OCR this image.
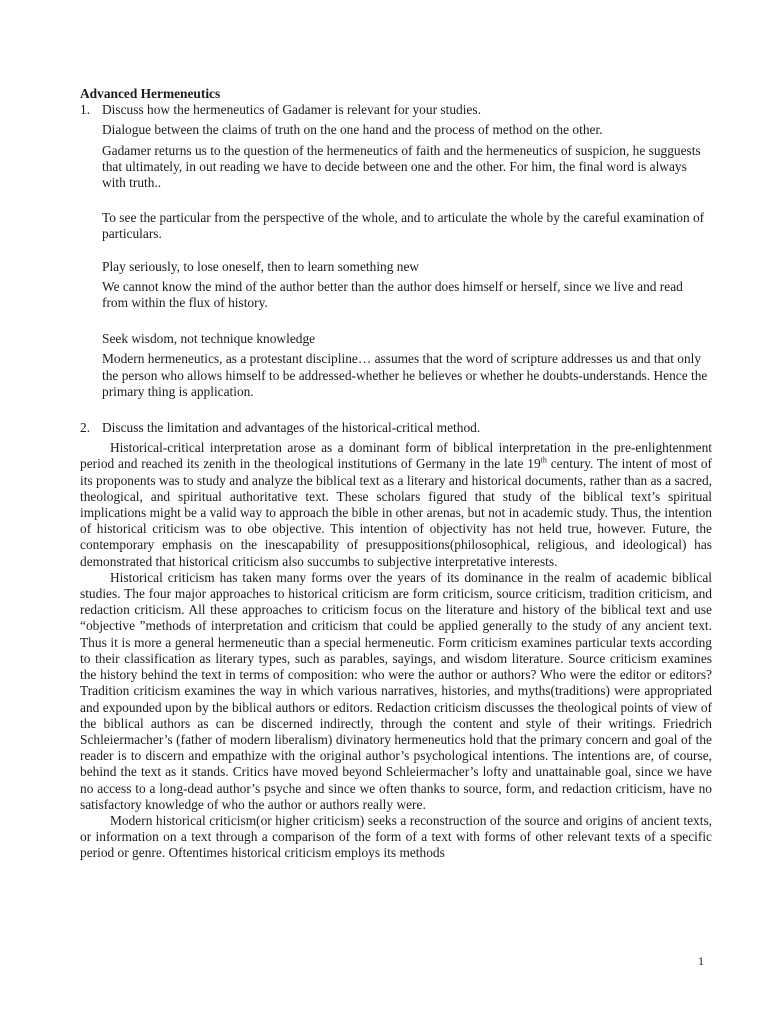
Advanced Hermeneutics

1. Discuss how the hermeneutics of Gadamer is relevant for your studies.
Dialogue between the claims of truth on the one hand and the process of method on the other.
Gadamer returns us to the question of the hermeneutics of faith and the hermeneutics of suspicion, he sugguests that ultimately, in out reading we have to decide between one and the other. For him, the final word is always with truth..
To see the particular from the perspective of the whole, and to articulate the whole by the careful examination of particulars.
Play seriously, to lose oneself, then to learn something new
We cannot know the mind of the author better than the author does himself or herself, since we live and read from within the flux of history.
Seek wisdom, not technique knowledge
Modern hermeneutics, as a protestant discipline… assumes that the word of scripture addresses us and that only the person who allows himself to be addressed-whether he believes or whether he doubts-understands. Hence the primary thing is application.
2. Discuss the limitation and advantages of the historical-critical method.
Historical-critical interpretation arose as a dominant form of biblical interpretation in the pre-enlightenment period and reached its zenith in the theological institutions of Germany in the late 19th century. The intent of most of its proponents was to study and analyze the biblical text as a literary and historical documents, rather than as a sacred, theological, and spiritual authoritative text. These scholars figured that study of the biblical text’s spiritual implications might be a valid way to approach the bible in other arenas, but not in academic study. Thus, the intention of historical criticism was to obe objective. This intention of objectivity has not held true, however. Future, the contemporary emphasis on the inescapability of presuppositions(philosophical, religious, and ideological) has demonstrated that historical criticism also succumbs to subjective interpretative interests.
Historical criticism has taken many forms over the years of its dominance in the realm of academic biblical studies. The four major approaches to historical criticism are form criticism, source criticism, tradition criticism, and redaction criticism. All these approaches to criticism focus on the literature and history of the biblical text and use “objective ”methods of interpretation and criticism that could be applied generally to the study of any ancient text. Thus it is more a general hermeneutic than a special hermeneutic. Form criticism examines particular texts according to their classification as literary types, such as parables, sayings, and wisdom literature. Source criticism examines the history behind the text in terms of composition: who were the author or authors? Who were the editor or editors? Tradition criticism examines the way in which various narratives, histories, and myths(traditions) were appropriated and expounded upon by the biblical authors or editors. Redaction criticism discusses the theological points of view of the biblical authors as can be discerned indirectly, through the content and style of their writings. Friedrich Schleiermacher’s (father of modern liberalism) divinatory hermeneutics hold that the primary concern and goal of the reader is to discern and empathize with the original author’s psychological intentions. The intentions are, of course, behind the text as it stands. Critics have moved beyond Schleiermacher’s lofty and unattainable goal, since we have no access to a long-dead author’s psyche and since we often thanks to source, form, and redaction criticism, have no satisfactory knowledge of who the author or authors really were.
Modern historical criticism(or higher criticism) seeks a reconstruction of the source and origins of ancient texts, or information on a text through a comparison of the form of a text with forms of other relevant texts of a specific period or genre. Oftentimes historical criticism employs its methods
1
